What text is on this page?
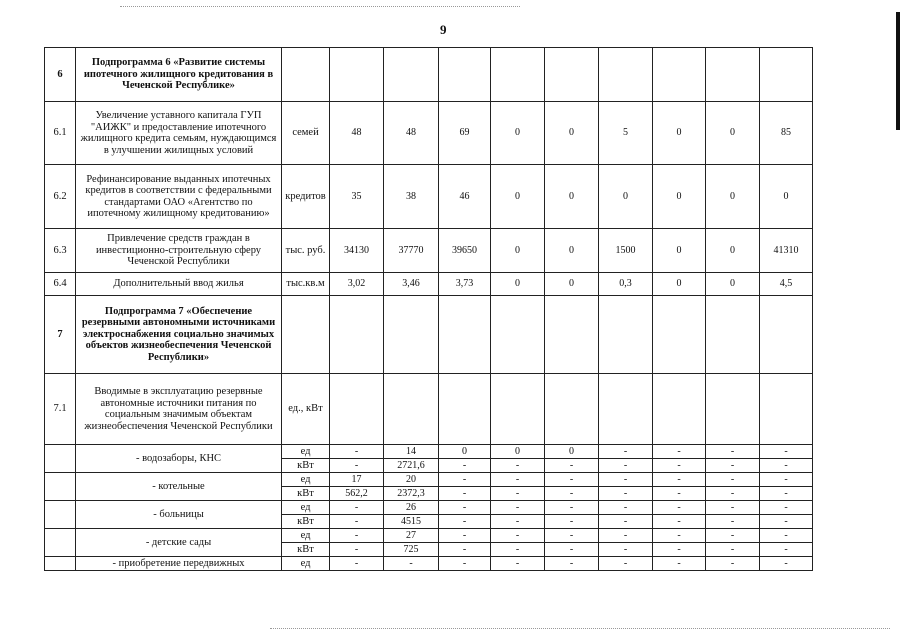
9
6	Подпрограмма 6 «Развитие системы ипотечного жилищного кредитования в Чеченской Республике»										
6.1	Увеличение уставного капитала ГУП "АИЖК" и предоставление ипотечного жилищного кредита семьям, нуждающимся в улучшении жилищных условий	семей	48	48	69	0	0	5	0	0	85
6.2	Рефинансирование выданных ипотечных кредитов в соответствии с федеральными стандартами ОАО «Агентство по ипотечному жилищному кредитованию»	кредитов	35	38	46	0	0	0	0	0	0
6.3	Привлечение средств граждан в инвестиционно-строительную сферу Чеченской Республики	тыс. руб.	34130	37770	39650	0	0	1500	0	0	41310
6.4	Дополнительный ввод жилья	тыс.кв.м	3,02	3,46	3,73	0	0	0,3	0	0	4,5
7	Подпрограмма 7 «Обеспечение резервными автономными источниками электроснабжения социально значимых объектов жизнеобеспечения Чеченской Республики»										
7.1	Вводимые в эксплуатацию резервные автономные источники питания по социальным значимым объектам жизнеобеспечения Чеченской Республики	ед., кВт									
	- водозаборы, КНС	ед	-	14	0	0	0	-	-	-	-
		кВт	-	2721,6	-	-	-	-	-	-	-
	- котельные	ед	17	20	-	-	-	-	-	-	-
		кВт	562,2	2372,3	-	-	-	-	-	-	-
	- больницы	ед	-	26	-	-	-	-	-	-	-
		кВт	-	4515	-	-	-	-	-	-	-
	- детские сады	ед	-	27	-	-	-	-	-	-	-
		кВт	-	725	-	-	-	-	-	-	-
	- приобретение передвижных	ед	-	-	-	-	-	-	-	-	-
